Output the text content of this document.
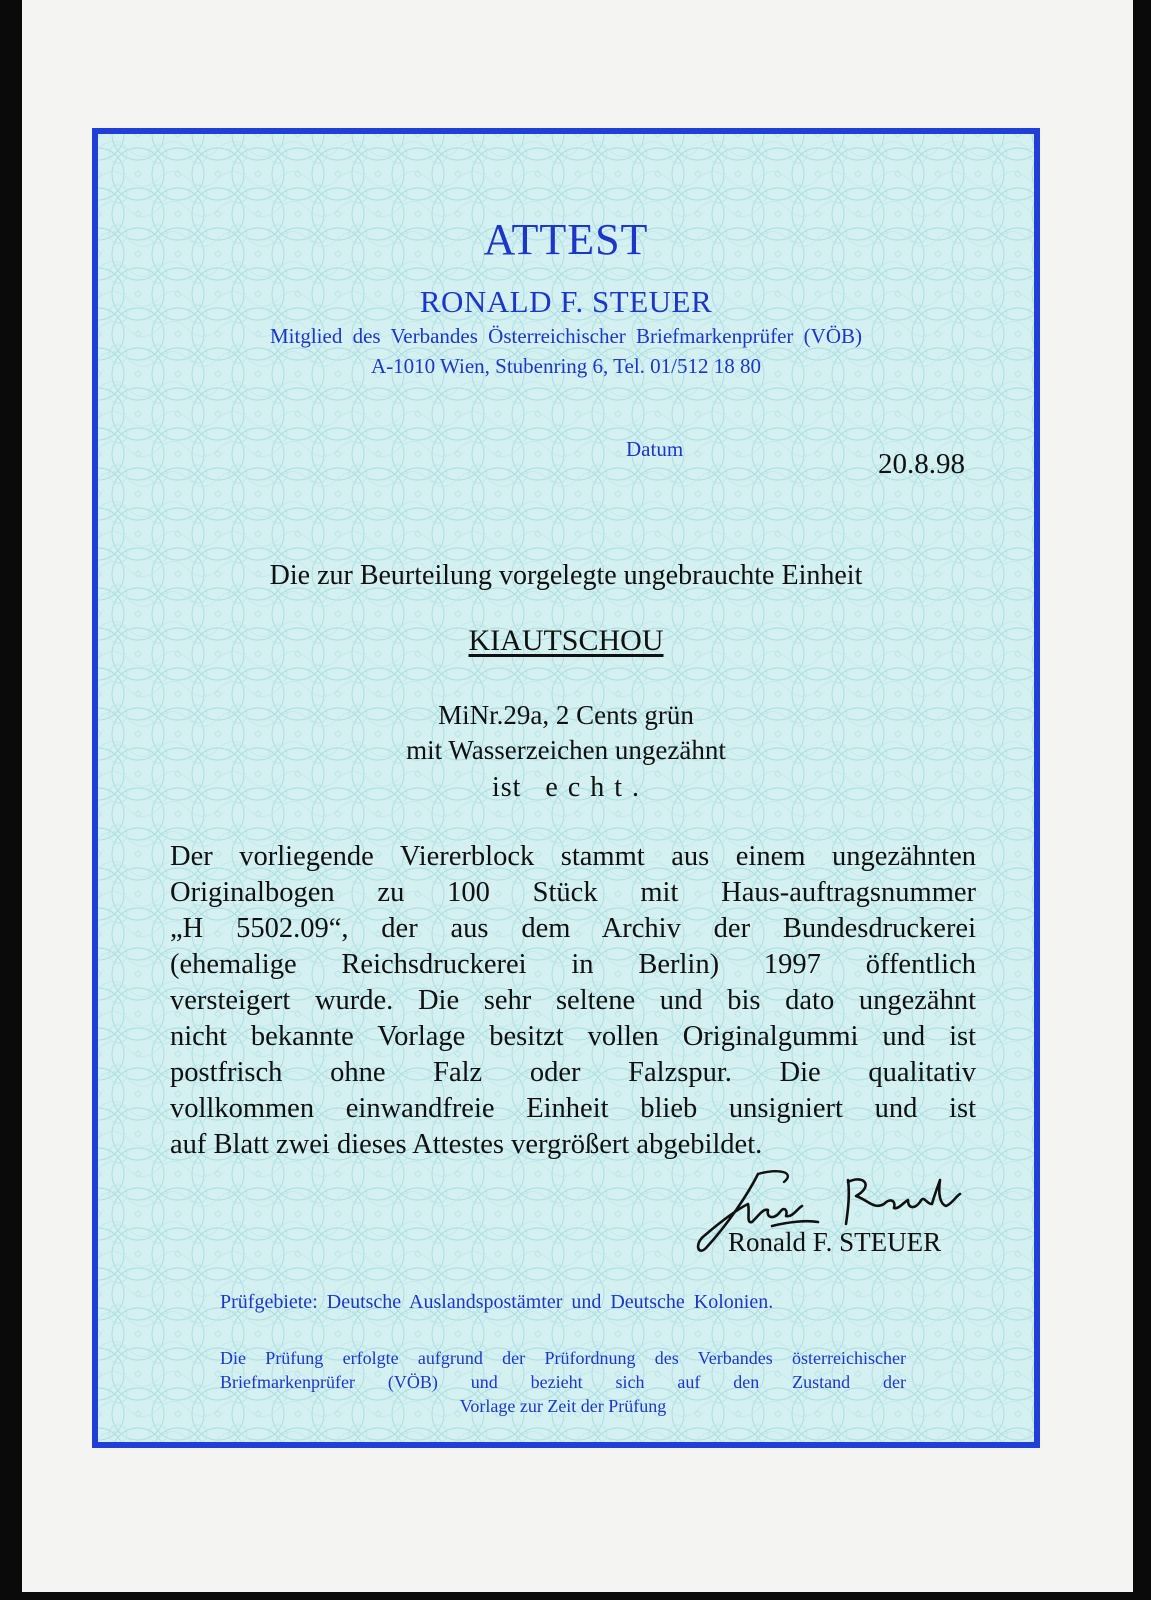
ATTEST
RONALD F. STEUER
Mitglied des Verbandes Österreichischer Briefmarkenprüfer (VÖB)
A-1010 Wien, Stubenring 6, Tel. 01/512 18 80
Datum	20.8.98
Die zur Beurteilung vorgelegte ungebrauchte Einheit
KIAUTSCHOU
MiNr.29a, 2 Cents grün
mit Wasserzeichen ungezähnt
ist echt.
Der vorliegende Viererblock stammt aus einem ungezähnten
Originalbogen zu 100 Stück mit Haus-auftragsnummer
„H 5502.09“, der aus dem Archiv der Bundesdruckerei
(ehemalige Reichsdruckerei in Berlin) 1997 öffentlich
versteigert wurde. Die sehr seltene und bis dato ungezähnt
nicht bekannte Vorlage besitzt vollen Originalgummi und ist
postfrisch ohne Falz oder Falzspur. Die qualitativ
vollkommen einwandfreie Einheit blieb unsigniert und ist
auf Blatt zwei dieses Attestes vergrößert abgebildet.
Ronald F. STEUER
Prüfgebiete: Deutsche Auslandspostämter und Deutsche Kolonien.
Die Prüfung erfolgte aufgrund der Prüfordnung des Verbandes österreichischer
Briefmarkenprüfer (VÖB) und bezieht sich auf den Zustand der
Vorlage zur Zeit der Prüfung
